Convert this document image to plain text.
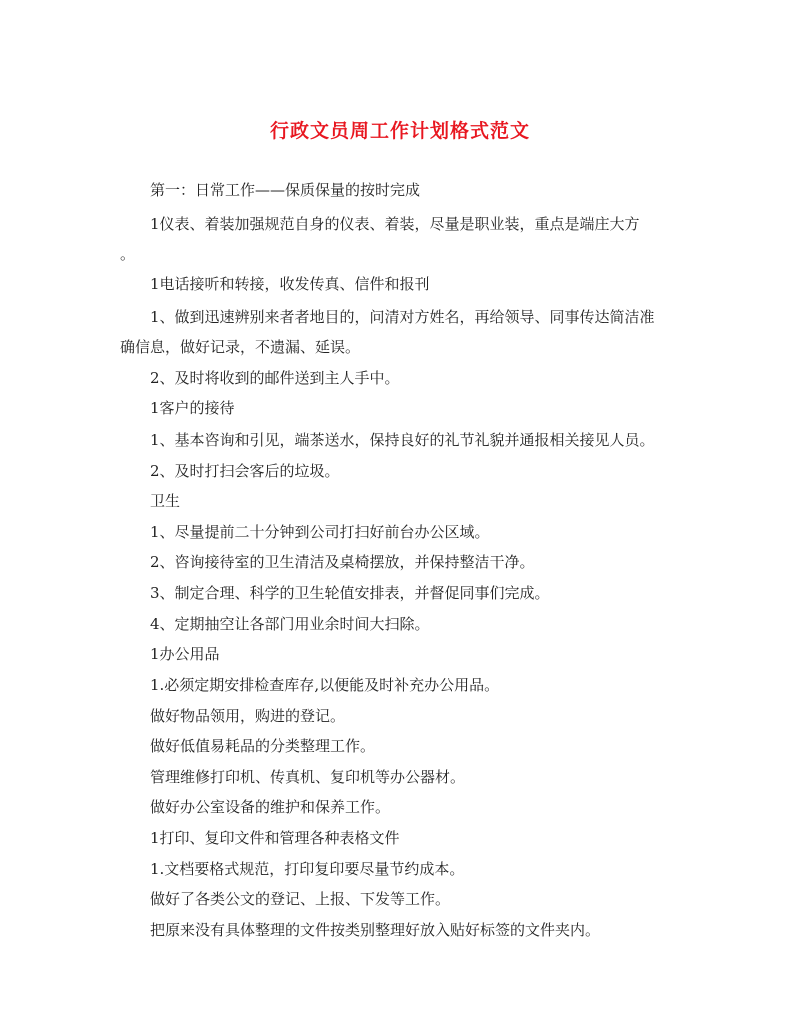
行政文员周工作计划格式范文
第一：日常工作——保质保量的按时完成
1仪表、着装加强规范自身的仪表、着装，尽量是职业装，重点是端庄大方
。
1电话接听和转接，收发传真、信件和报刊
1、做到迅速辨别来者者地目的，问清对方姓名，再给领导、同事传达简洁准
确信息，做好记录，不遗漏、延误。
2、及时将收到的邮件送到主人手中。
1客户的接待
1、基本咨询和引见，端茶送水，保持良好的礼节礼貌并通报相关接见人员。
2、及时打扫会客后的垃圾。
卫生
1、尽量提前二十分钟到公司打扫好前台办公区域。
2、咨询接待室的卫生清洁及桌椅摆放，并保持整洁干净。
3、制定合理、科学的卫生轮值安排表，并督促同事们完成。
4、定期抽空让各部门用业余时间大扫除。
1办公用品
1.必须定期安排检查库存,以便能及时补充办公用品。
做好物品领用，购进的登记。
做好低值易耗品的分类整理工作。
管理维修打印机、传真机、复印机等办公器材。
做好办公室设备的维护和保养工作。
1打印、复印文件和管理各种表格文件
1.文档要格式规范，打印复印要尽量节约成本。
做好了各类公文的登记、上报、下发等工作。
把原来没有具体整理的文件按类别整理好放入贴好标签的文件夹内。
